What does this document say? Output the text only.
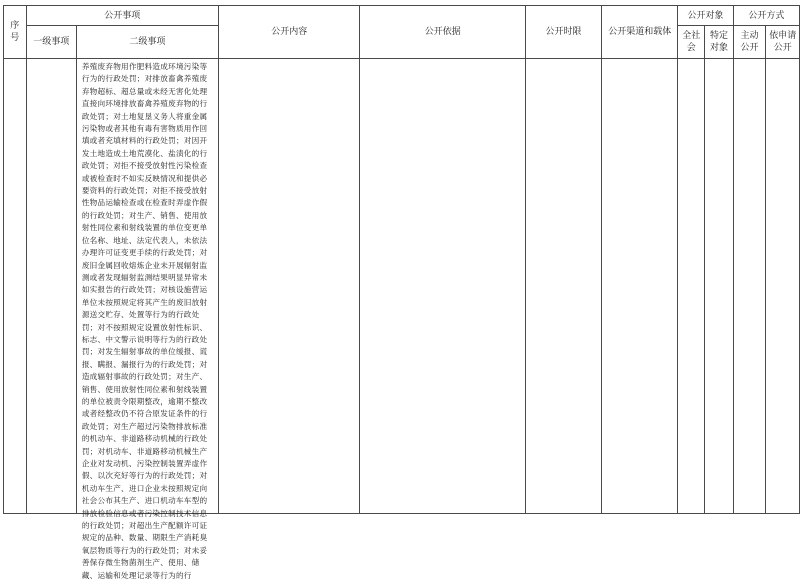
序号	公开事项		公开内容	公开依据	公开时限	公开渠道和载体	公开对象		公开方式	
	一级事项	二级事项					全社会	特定对象	主动公开	依申请公开

		养殖废弃物用作肥料造成环境污染等行为的行政处罚；对排放畜禽养殖废弃物超标、超总量或未经无害化处理直接向环境排放畜禽养殖废弃物的行政处罚；对土地复垦义务人将重金属污染物或者其他有毒有害物质用作回填或者充填材料的行政处罚；对因开发土地造成土地荒漠化、盐渍化的行政处罚；对拒不接受放射性污染检查或被检查时不如实反映情况和提供必要资料的行政处罚；对拒不接受放射性物品运输检查或在检查时弄虚作假的行政处罚；对生产、销售、使用放射性同位素和射线装置的单位变更单位名称、地址、法定代表人，未依法办理许可证变更手续的行政处罚；对废旧金属回收熔炼企业未开展辐射监测或者发现辐射监测结果明显异常未如实报告的行政处罚；对核设施营运单位未按照规定将其产生的废旧放射源送交贮存、处置等行为的行政处罚；对不按照规定设置放射性标识、标志、中文警示说明等行为的行政处罚；对发生辐射事故的单位缓报、谎报、瞒报、漏报行为的行政处罚；对造成辐射事故的行政处罚；对生产、销售、使用放射性同位素和射线装置的单位被责令限期整改，逾期不整改或者经整改仍不符合原发证条件的行政处罚；对生产超过污染物排放标准的机动车、非道路移动机械的行政处罚；对机动车、非道路移动机械生产企业对发动机、污染控制装置弄虚作假、以次充好等行为的行政处罚；对机动车生产、进口企业未按照规定向社会公布其生产、进口机动车车型的排放检验信息或者污染控制技术信息的行政处罚；对超出生产配额许可证规定的品种、数量、期限生产消耗臭氧层物质等行为的行政处罚；对未妥善保存微生物菌剂生产、使用、储藏、运输和处理记录等行为的行								
